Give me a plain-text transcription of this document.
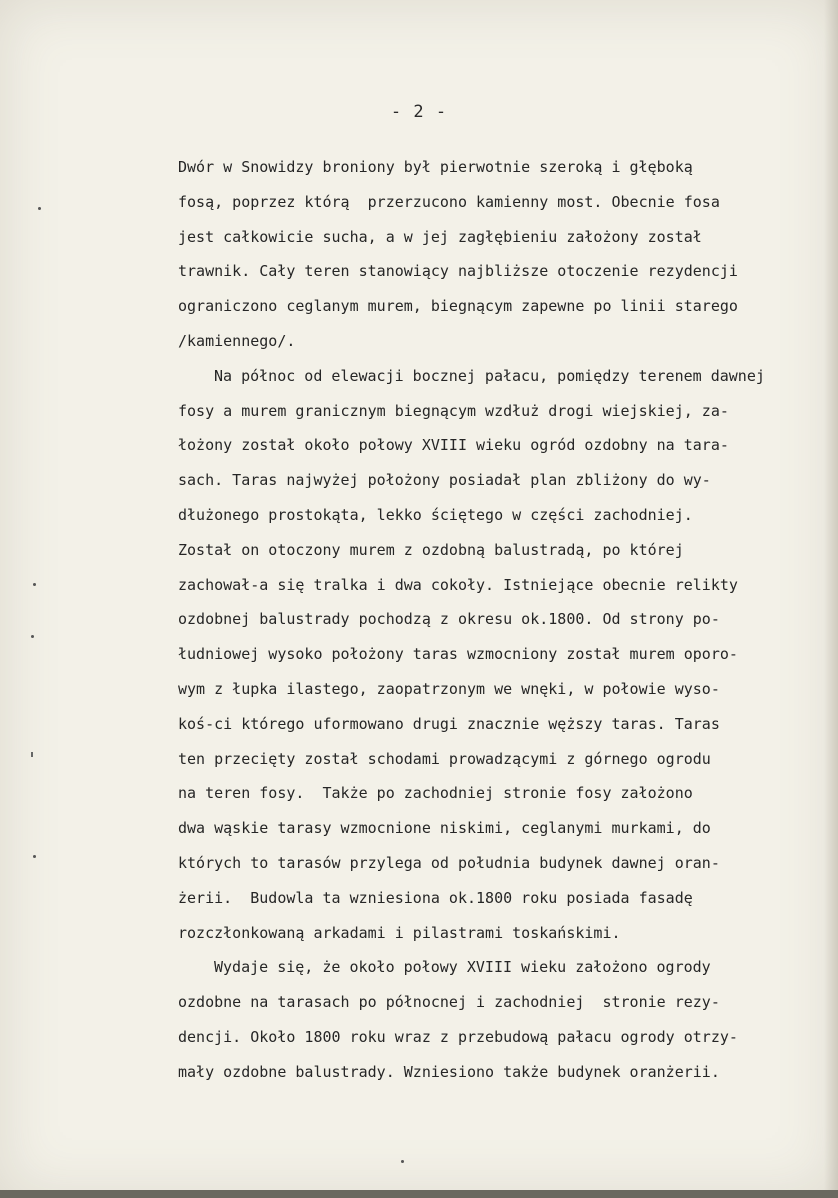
- 2 -
Dwór w Snowidzy broniony był pierwotnie szeroką i głęboką
fosą, poprzez którą  przerzucono kamienny most. Obecnie fosa
jest całkowicie sucha, a w jej zagłębieniu założony został
trawnik. Cały teren stanowiący najbliższe otoczenie rezydencji
ograniczono ceglanym murem, biegnącym zapewne po linii starego
/kamiennego/.
Na północ od elewacji bocznej pałacu, pomiędzy terenem dawnej
fosy a murem granicznym biegnącym wzdłuż drogi wiejskiej, za-
łożony został około połowy XVIII wieku ogród ozdobny na tara-
sach. Taras najwyżej położony posiadał plan zbliżony do wy-
dłużonego prostokąta, lekko ściętego w części zachodniej.
Został on otoczony murem z ozdobną balustradą, po której
zachował-a się tralka i dwa cokoły. Istniejące obecnie relikty
ozdobnej balustrady pochodzą z okresu ok.1800. Od strony po-
łudniowej wysoko położony taras wzmocniony został murem oporo-
wym z łupka ilastego, zaopatrzonym we wnęki, w połowie wyso-
koś-ci którego uformowano drugi znacznie węższy taras. Taras
ten przecięty został schodami prowadzącymi z górnego ogrodu
na teren fosy.  Także po zachodniej stronie fosy założono
dwa wąskie tarasy wzmocnione niskimi, ceglanymi murkami, do
których to tarasów przylega od południa budynek dawnej oran-
żerii.  Budowla ta wzniesiona ok.1800 roku posiada fasadę
rozczłonkowaną arkadami i pilastrami toskańskimi.
Wydaje się, że około połowy XVIII wieku założono ogrody
ozdobne na tarasach po północnej i zachodniej  stronie rezy-
dencji. Około 1800 roku wraz z przebudową pałacu ogrody otrzy-
mały ozdobne balustrady. Wzniesiono także budynek oranżerii.
